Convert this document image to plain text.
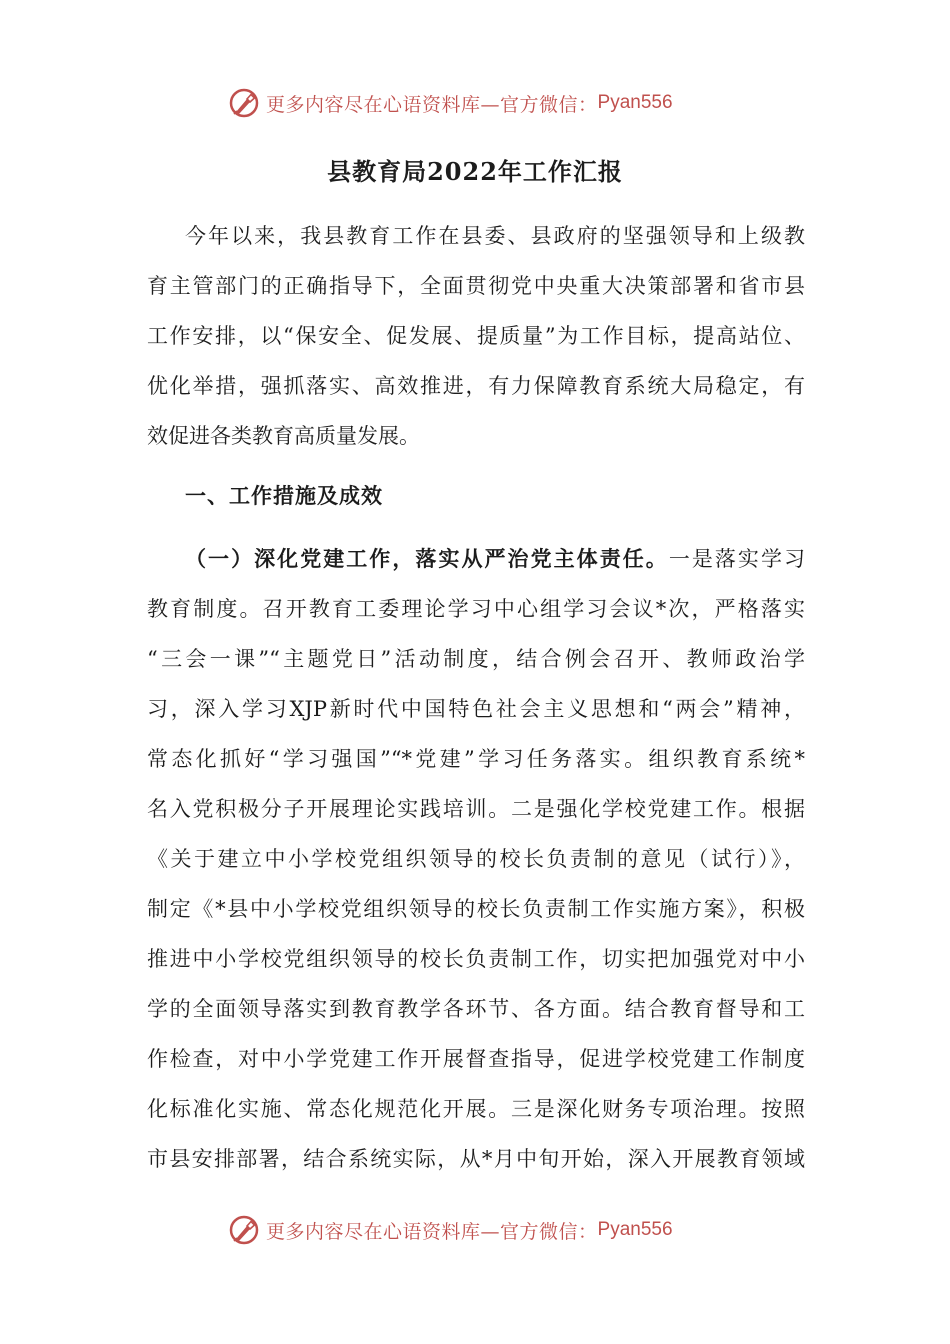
更多内容尽在心语资料库—官方微信： Pyan556
县教育局2022年工作汇报
今年以来，我县教育工作在县委、县政府的坚强领导和上级教
育主管部门的正确指导下，全面贯彻党中央重大决策部署和省市县
工作安排，以“保安全、促发展、提质量”为工作目标，提高站位、
优化举措，强抓落实、高效推进，有力保障教育系统大局稳定，有
效促进各类教育高质量发展。
一、工作措施及成效
（一）深化党建工作，落实从严治党主体责任。一是落实学习
教育制度。召开教育工委理论学习中心组学习会议*次，严格落实
“三会一课”“主题党日”活动制度，结合例会召开、教师政治学
习，深入学习XJP新时代中国特色社会主义思想和“两会”精神，
常态化抓好“学习强国”“*党建”学习任务落实。组织教育系统*
名入党积极分子开展理论实践培训。二是强化学校党建工作。根据
《关于建立中小学校党组织领导的校长负责制的意见（试行）》，
制定《*县中小学校党组织领导的校长负责制工作实施方案》，积极
推进中小学校党组织领导的校长负责制工作，切实把加强党对中小
学的全面领导落实到教育教学各环节、各方面。结合教育督导和工
作检查，对中小学党建工作开展督查指导，促进学校党建工作制度
化标准化实施、常态化规范化开展。三是深化财务专项治理。按照
市县安排部署，结合系统实际，从*月中旬开始，深入开展教育领域
更多内容尽在心语资料库—官方微信： Pyan556
